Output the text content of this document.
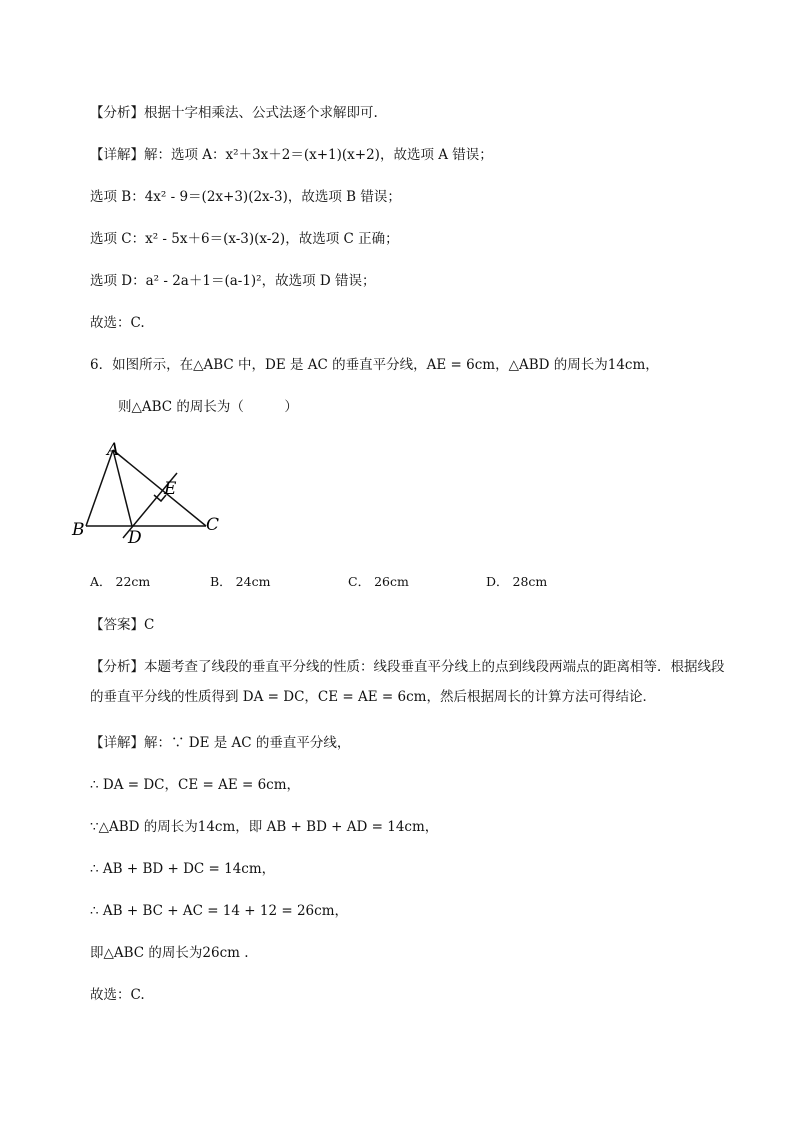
【分析】根据十字相乘法、公式法逐个求解即可.
【详解】解：选项 A：x²＋3x＋2＝(x+1)(x+2)，故选项 A 错误；
选项 B：4x² - 9＝(2x+3)(2x-3)，故选项 B 错误；
选项 C：x² - 5x＋6＝(x-3)(x-2)，故选项 C 正确；
选项 D：a² - 2a＋1＝(a-1)²，故选项 D 错误；
故选：C.
6．如图所示，在△ABC 中，DE 是 AC 的垂直平分线，AE = 6cm，△ABD 的周长为14cm，
则△ABC 的周长为（　　　）
A
B	C
D
E
A． 22cm	B． 24cm	C． 26cm	D． 28cm
【答案】C
【分析】本题考查了线段的垂直平分线的性质：线段垂直平分线上的点到线段两端点的距离相等．根据线段的垂直平分线的性质得到 DA = DC，CE = AE = 6cm，然后根据周长的计算方法可得结论．
【详解】解：∵ DE 是 AC 的垂直平分线，
∴ DA = DC，CE = AE = 6cm，
∵△ABD 的周长为14cm，即 AB + BD + AD = 14cm，
∴ AB + BD + DC = 14cm，
∴ AB + BC + AC = 14 + 12 = 26cm，
即△ABC 的周长为26cm .
故选：C.
